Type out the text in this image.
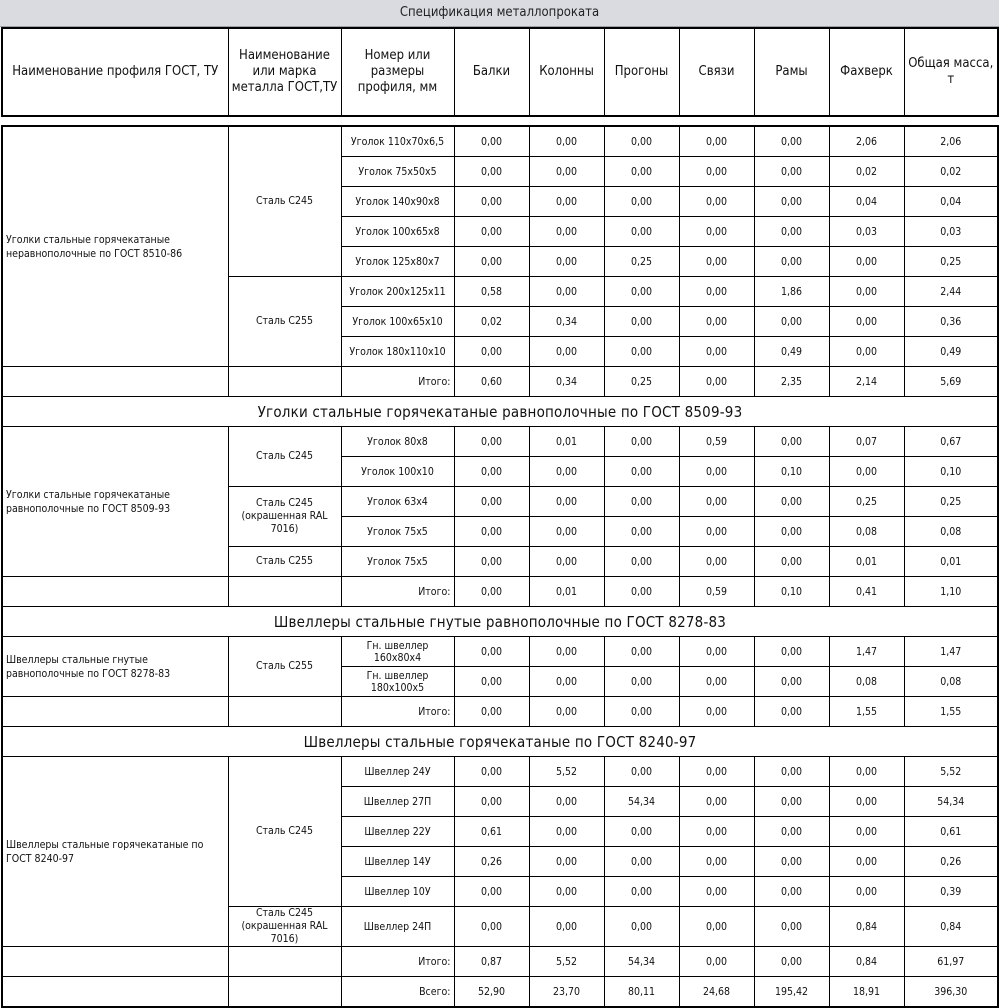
Спецификация металлопроката
Наименование профиля ГОСТ, ТУ	Наименование или марка металла ГОСТ,ТУ	Номер или размеры профиля, мм	Балки	Колонны	Прогоны	Связи	Рамы	Фахверк	Общая масса, т
Уголки стальные горячекатаные неравнополочные по ГОСТ 8510-86	Сталь С245	Уголок 110x70x6,5	0,00	0,00	0,00	0,00	0,00	2,06	2,06
		Уголок 75x50x5	0,00	0,00	0,00	0,00	0,00	0,02	0,02
		Уголок 140x90x8	0,00	0,00	0,00	0,00	0,00	0,04	0,04
		Уголок 100x65x8	0,00	0,00	0,00	0,00	0,00	0,03	0,03
		Уголок 125x80x7	0,00	0,00	0,25	0,00	0,00	0,00	0,25
	Сталь С255	Уголок 200x125x11	0,58	0,00	0,00	0,00	1,86	0,00	2,44
		Уголок 100x65x10	0,02	0,34	0,00	0,00	0,00	0,00	0,36
		Уголок 180x110x10	0,00	0,00	0,00	0,00	0,49	0,00	0,49
		Итого:	0,60	0,34	0,25	0,00	2,35	2,14	5,69
Уголки стальные горячекатаные равнополочные по ГОСТ 8509-93									
Уголки стальные горячекатаные равнополочные по ГОСТ 8509-93	Сталь С245	Уголок 80x8	0,00	0,01	0,00	0,59	0,00	0,07	0,67
		Уголок 100x10	0,00	0,00	0,00	0,00	0,10	0,00	0,10
	Сталь С245 (окрашенная RAL 7016)	Уголок 63x4	0,00	0,00	0,00	0,00	0,00	0,25	0,25
		Уголок 75x5	0,00	0,00	0,00	0,00	0,00	0,08	0,08
	Сталь С255	Уголок 75x5	0,00	0,00	0,00	0,00	0,00	0,01	0,01
		Итого:	0,00	0,01	0,00	0,59	0,10	0,41	1,10
Швеллеры стальные гнутые равнополочные по ГОСТ 8278-83									
Швеллеры стальные гнутые равнополочные по ГОСТ 8278-83	Сталь С255	Гн. швеллер 160x80x4	0,00	0,00	0,00	0,00	0,00	1,47	1,47
		Гн. швеллер 180x100x5	0,00	0,00	0,00	0,00	0,00	0,08	0,08
		Итого:	0,00	0,00	0,00	0,00	0,00	1,55	1,55
Швеллеры стальные горячекатаные по ГОСТ 8240-97									
Швеллеры стальные горячекатаные по ГОСТ 8240-97	Сталь С245	Швеллер 24У	0,00	5,52	0,00	0,00	0,00	0,00	5,52
		Швеллер 27П	0,00	0,00	54,34	0,00	0,00	0,00	54,34
		Швеллер 22У	0,61	0,00	0,00	0,00	0,00	0,00	0,61
		Швеллер 14У	0,26	0,00	0,00	0,00	0,00	0,00	0,26
		Швеллер 10У	0,00	0,00	0,00	0,00	0,00	0,00	0,39
	Сталь С245 (окрашенная RAL 7016)	Швеллер 24П	0,00	0,00	0,00	0,00	0,00	0,84	0,84
		Итого:	0,87	5,52	54,34	0,00	0,00	0,84	61,97
		Всего:	52,90	23,70	80,11	24,68	195,42	18,91	396,30
